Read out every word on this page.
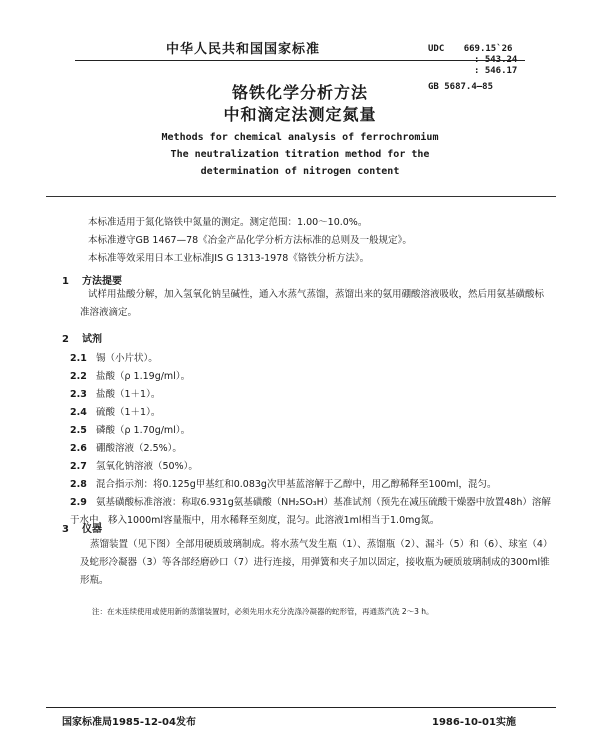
中华人民共和国国家标准	UDC 669.15`26
: 543.24
: 546.17
GB 5687.4—85
铬铁化学分析方法
中和滴定法测定氮量
Methods for chemical analysis of ferrochromium
The neutralization titration method for the
determination of nitrogen content
本标准适用于氮化铬铁中氮量的测定。测定范围：1.00～10.0%。
本标准遵守GB 1467—78《冶金产品化学分析方法标准的总则及一般规定》。
本标准等效采用日本工业标准JIS G 1313-1978《铬铁分析方法》。
1 方法提要
试样用盐酸分解，加入氢氧化钠呈碱性，通入水蒸气蒸馏，蒸馏出来的氨用硼酸溶液吸收，然后用氨基磺酸标准溶液滴定。
2 试剂
2.1 锡（小片状）。
2.2 盐酸（ρ 1.19g/ml）。
2.3 盐酸（1＋1）。
2.4 硫酸（1＋1）。
2.5 磷酸（ρ 1.70g/ml）。
2.6 硼酸溶液（2.5%）。
2.7 氢氧化钠溶液（50%）。
2.8 混合指示剂：将0.125g甲基红和0.083g次甲基蓝溶解于乙醇中，用乙醇稀释至100ml，混匀。
2.9 氨基磺酸标准溶液：称取6.931g氨基磺酸（NH₂SO₃H）基准试剂（预先在减压硫酸干燥器中放置48h）溶解于水中，移入1000ml容量瓶中，用水稀释至刻度，混匀。此溶液1ml相当于1.0mg氮。
3 仪器
蒸馏装置（见下图）全部用硬质玻璃制成。将水蒸气发生瓶（1）、蒸馏瓶（2）、漏斗（5）和（6）、球室（4）及蛇形冷凝器（3）等各部经磨砂口（7）进行连接，用弹簧和夹子加以固定，接收瓶为硬质玻璃制成的300ml锥形瓶。
注：在未连续使用或使用新的蒸馏装置时，必须先用水充分洗涤冷凝器的蛇形管，再通蒸汽洗 2～3 h。
国家标准局1985-12-04发布	1986-10-01实施
